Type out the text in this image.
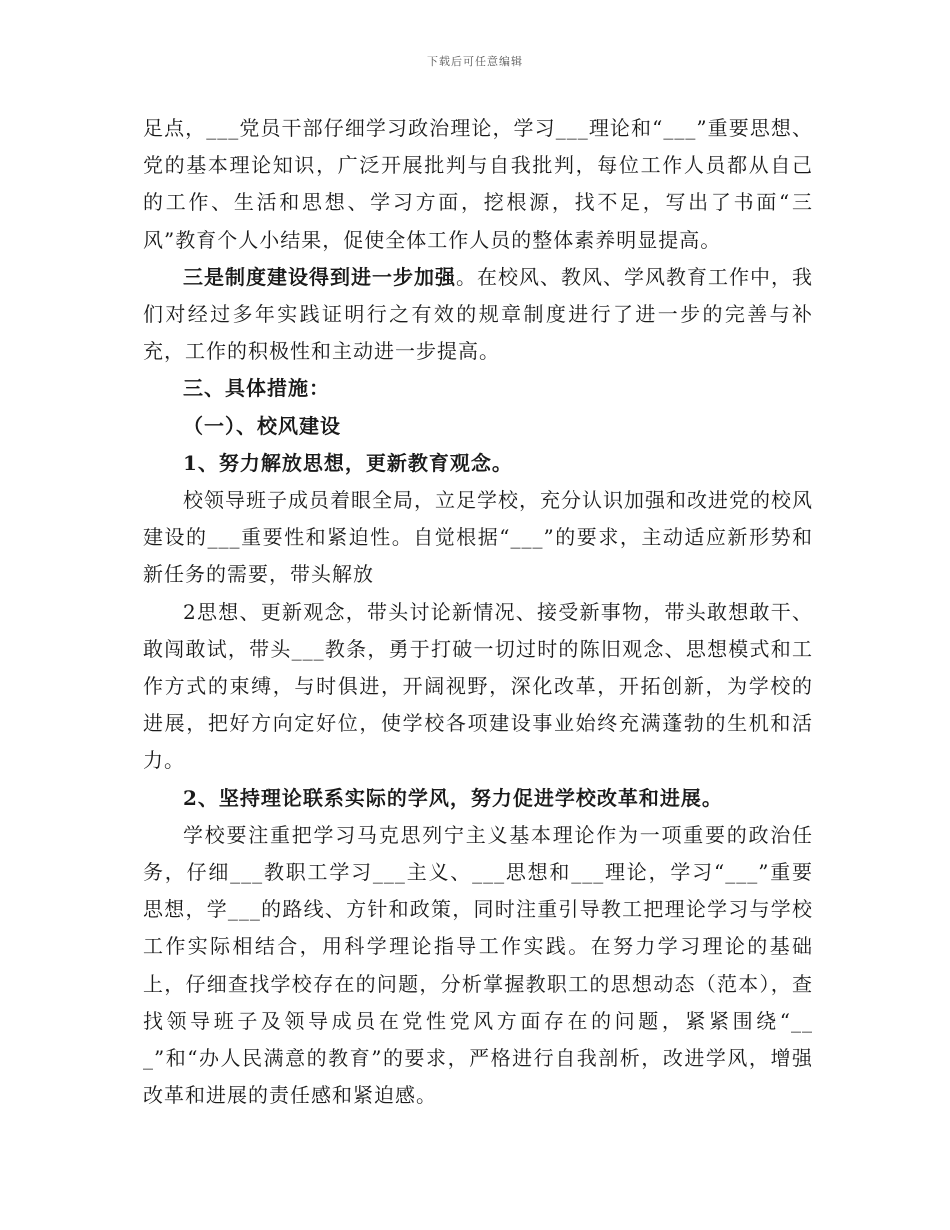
下载后可任意编辑

足点，___党员干部仔细学习政治理论，学习___理论和“___”重要思想、党的基本理论知识，广泛开展批判与自我批判，每位工作人员都从自己的工作、生活和思想、学习方面，挖根源，找不足，写出了书面“三风”教育个人小结果，促使全体工作人员的整体素养明显提高。

三是制度建设得到进一步加强。在校风、教风、学风教育工作中，我们对经过多年实践证明行之有效的规章制度进行了进一步的完善与补充，工作的积极性和主动进一步提高。

三、具体措施：

（一）、校风建设

1、努力解放思想，更新教育观念。

校领导班子成员着眼全局，立足学校，充分认识加强和改进党的校风建设的___重要性和紧迫性。自觉根据“___”的要求，主动适应新形势和新任务的需要，带头解放

2思想、更新观念，带头讨论新情况、接受新事物，带头敢想敢干、敢闯敢试，带头___教条，勇于打破一切过时的陈旧观念、思想模式和工作方式的束缚，与时俱进，开阔视野，深化改革，开拓创新，为学校的进展，把好方向定好位，使学校各项建设事业始终充满蓬勃的生机和活力。

2、坚持理论联系实际的学风，努力促进学校改革和进展。

学校要注重把学习马克思列宁主义基本理论作为一项重要的政治任务，仔细___教职工学习___主义、___思想和___理论，学习“___”重要思想，学___的路线、方针和政策，同时注重引导教工把理论学习与学校工作实际相结合，用科学理论指导工作实践。在努力学习理论的基础上，仔细查找学校存在的问题，分析掌握教职工的思想动态（范本），查找领导班子及领导成员在党性党风方面存在的问题，紧紧围绕“___”和“办人民满意的教育”的要求，严格进行自我剖析，改进学风，增强改革和进展的责任感和紧迫感。
